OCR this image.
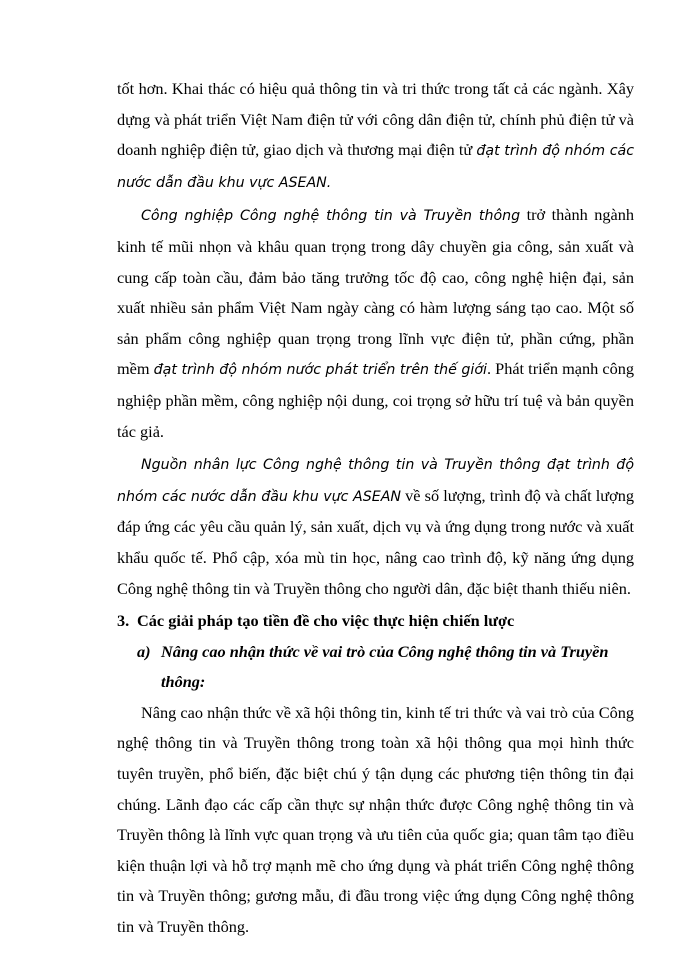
tốt hơn. Khai thác có hiệu quả thông tin và tri thức trong tất cả các ngành. Xây dựng và phát triển Việt Nam điện tử với công dân điện tử, chính phủ điện tử và doanh nghiệp điện tử, giao dịch và thương mại điện tử đạt trình độ nhóm các nước dẫn đầu khu vực ASEAN.

Công nghiệp Công nghệ thông tin và Truyền thông trở thành ngành kinh tế mũi nhọn và khâu quan trọng trong dây chuyền gia công, sản xuất và cung cấp toàn cầu, đảm bảo tăng trưởng tốc độ cao, công nghệ hiện đại, sản xuất nhiều sản phẩm Việt Nam ngày càng có hàm lượng sáng tạo cao. Một số sản phẩm công nghiệp quan trọng trong lĩnh vực điện tử, phần cứng, phần mềm đạt trình độ nhóm nước phát triển trên thế giới. Phát triển mạnh công nghiệp phần mềm, công nghiệp nội dung, coi trọng sở hữu trí tuệ và bản quyền tác giả.

Nguồn nhân lực Công nghệ thông tin và Truyền thông đạt trình độ nhóm các nước dẫn đầu khu vực ASEAN về số lượng, trình độ và chất lượng đáp ứng các yêu cầu quản lý, sản xuất, dịch vụ và ứng dụng trong nước và xuất khẩu quốc tế. Phổ cập, xóa mù tin học, nâng cao trình độ, kỹ năng ứng dụng Công nghệ thông tin và Truyền thông cho người dân, đặc biệt thanh thiếu niên.

3. Các giải pháp tạo tiền đề cho việc thực hiện chiến lược
a) Nâng cao nhận thức về vai trò của Công nghệ thông tin và Truyền thông:

Nâng cao nhận thức về xã hội thông tin, kinh tế tri thức và vai trò của Công nghệ thông tin và Truyền thông trong toàn xã hội thông qua mọi hình thức tuyên truyền, phổ biến, đặc biệt chú ý tận dụng các phương tiện thông tin đại chúng. Lãnh đạo các cấp cần thực sự nhận thức được Công nghệ thông tin và Truyền thông là lĩnh vực quan trọng và ưu tiên của quốc gia; quan tâm tạo điều kiện thuận lợi và hỗ trợ mạnh mẽ cho ứng dụng và phát triển Công nghệ thông tin và Truyền thông; gương mẫu, đi đầu trong việc ứng dụng Công nghệ thông tin và Truyền thông.
